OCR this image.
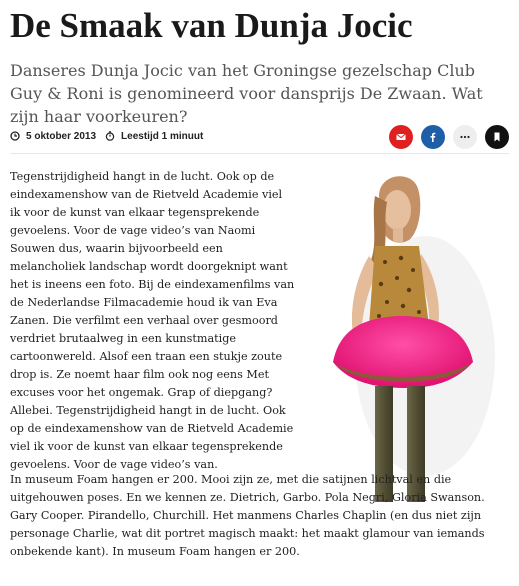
De Smaak van Dunja Jocic

Danseres Dunja Jocic van het Groningse gezelschap Club Guy & Roni is genomineerd voor dansprijs De Zwaan. Wat zijn haar voorkeuren?

5 oktober 2013	Leestijd 1 minuut

Tegenstrijdigheid hangt in de lucht. Ook op de eindexamenshow van de Rietveld Academie viel ik voor de kunst van elkaar tegensprekende gevoelens. Voor de vage video’s van Naomi Souwen dus, waarin bijvoorbeeld een melancholiek landschap wordt doorgeknipt want het is ineens een foto. Bij de eindexamenfilms van de Nederlandse Filmacademie houd ik van Eva Zanen. Die verfilmt een verhaal over gesmoord verdriet brutaalweg in een kunstmatige cartoonwereld. Alsof een traan een stukje zoute drop is. Ze noemt haar film ook nog eens Met excuses voor het ongemak. Grap of diepgang? Allebei. Tegenstrijdigheid hangt in de lucht. Ook op de eindexamenshow van de Rietveld Academie viel ik voor de kunst van elkaar tegensprekende gevoelens. Voor de vage video’s van.

In museum Foam hangen er 200. Mooi zijn ze, met die satijnen lichtval en die uitgehouwen poses. En we kennen ze. Dietrich, Garbo. Pola Negri, Gloria Swanson. Gary Cooper. Pirandello, Churchill. Het manmens Charles Chaplin (en dus niet zijn personage Charlie, wat dit portret magisch maakt: het maakt glamour van iemands onbekende kant). In museum Foam hangen er 200.
